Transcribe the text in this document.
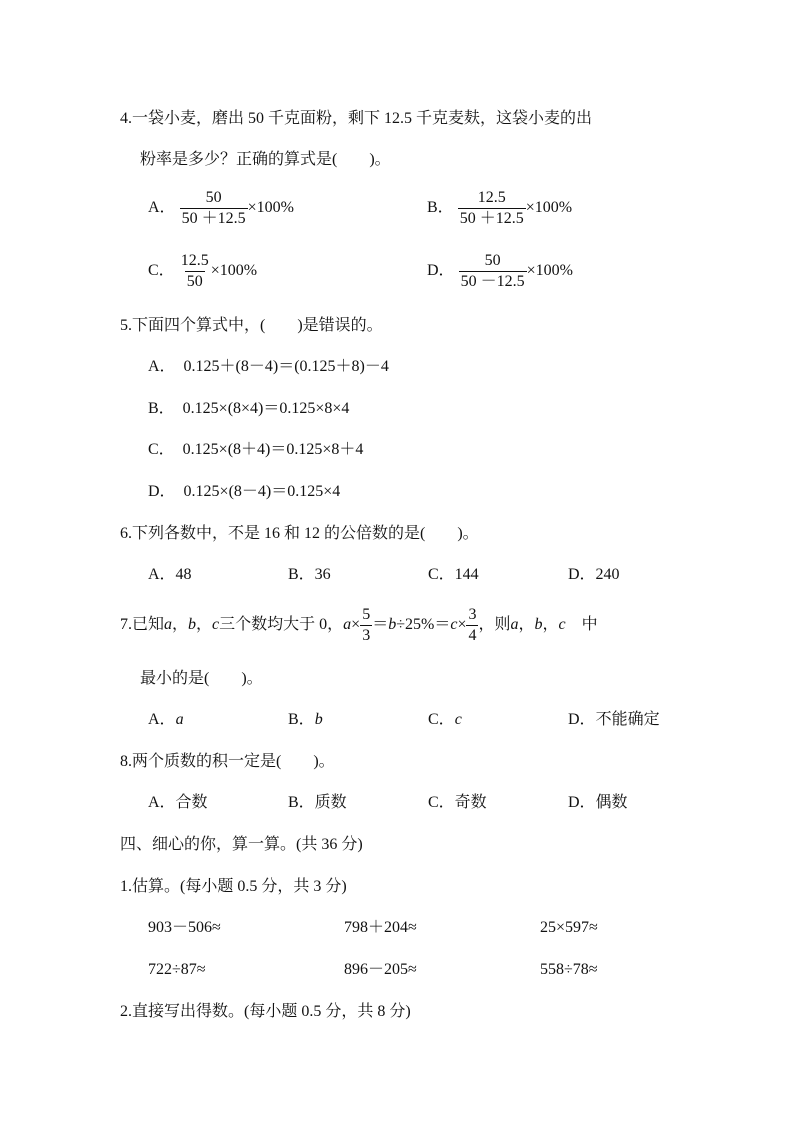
4.一袋小麦，磨出 50 千克面粉，剩下 12.5 千克麦麸，这袋小麦的出
粉率是多少？正确的算式是(　　)。
A． $\frac{50}{50 +12.5} \times 100\%$	B． $\frac{12.5}{50 +12.5} \times 100\%$
C． $\frac{12.5}{50} \times 100\%$	D． $\frac{50}{50 -12.5} \times 100\%$
5.下面四个算式中，(　　)是错误的。
A．　0.125＋(8－4)＝(0.125＋8)－4
B．　0.125×(8×4)＝0.125×8×4
C．　0.125×(8＋4)＝0.125×8＋4
D．　0.125×(8－4)＝0.125×4
6.下列各数中，不是 16 和 12 的公倍数的是(　　)。
A．48	B．36	C．144	D．240
7.已知a，b，c三个数均大于 0，$a\times \frac{5}{3} =b\div 25\%=c\times \frac{3}{4}$ ，则a，b，c  中
最小的是(　　)。
A．a	B．b	C．c	D．不能确定
8.两个质数的积一定是(　　)。
A．合数	B．质数	C．奇数	D．偶数
四、细心的你，算一算。(共 36 分)
1.估算。(每小题 0.5 分，共 3 分)
903－506≈	798＋204≈	25×597≈
722÷87≈	896－205≈	558÷78≈
2.直接写出得数。(每小题 0.5 分，共 8 分)
